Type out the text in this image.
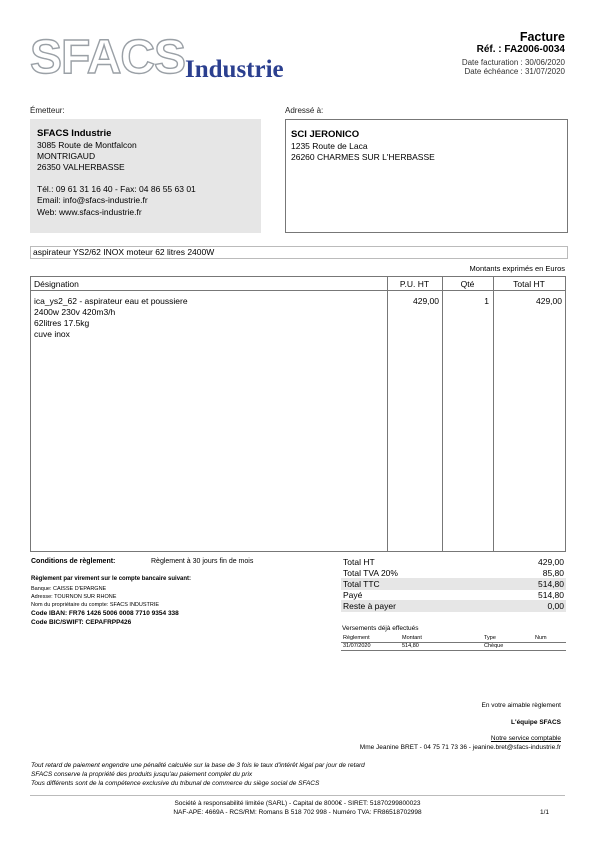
SFACS Industrie
Facture
Réf. : FA2006-0034
Date facturation : 30/06/2020
Date échéance : 31/07/2020
Émetteur:
SFACS Industrie
3085 Route de Montfalcon
MONTRIGAUD
26350 VALHERBASSE
Tél.: 09 61 31 16 40 - Fax: 04 86 55 63 01
Email: info@sfacs-industrie.fr
Web: www.sfacs-industrie.fr
Adressé à:
SCI JERONICO
1235 Route de Laca
26260 CHARMES SUR L'HERBASSE
aspirateur YS2/62 INOX moteur 62 litres 2400W
Montants exprimés en Euros
Désignation	P.U. HT	Qté	Total HT
ica_ys2_62 - aspirateur eau et poussiere
2400w 230v 420m3/h
62litres 17.5kg
cuve inox
429,00	1	429,00
Conditions de règlement:	Règlement à 30 jours fin de mois
Règlement par virement sur le compte bancaire suivant:
Banque: CAISSE D'EPARGNE
Adresse: TOURNON SUR RHONE
Nom du propriétaire du compte: SFACS INDUSTRIE
Code IBAN: FR76 1426 5006 0008 7710 9354 338
Code BIC/SWIFT: CEPAFRPP426
Total HT	429,00
Total TVA 20%	85,80
Total TTC	514,80
Payé	514,80
Reste à payer	0,00
Versements déjà effectués
Règlement	Montant	Type	Num
31/07/2020	514,80	Chèque
En votre aimable règlement
L'équipe SFACS
Notre service comptable
Mme Jeanine BRET - 04 75 71 73 36 - jeanine.bret@sfacs-industrie.fr
Tout retard de paiement engendre une pénalité calculée sur la base de 3 fois le taux d'intérêt légal par jour de retard
SFACS conserve la propriété des produits jusqu'au paiement complet du prix
Tous différents sont de la compétence exclusive du tribunal de commerce du siège social de SFACS
Société à responsabilité limitée (SARL) - Capital de 8000€ - SIRET: 51870299800023
NAF-APE: 4669A - RCS/RM: Romans B 518 702 998 - Numéro TVA: FR86518702998	1/1
